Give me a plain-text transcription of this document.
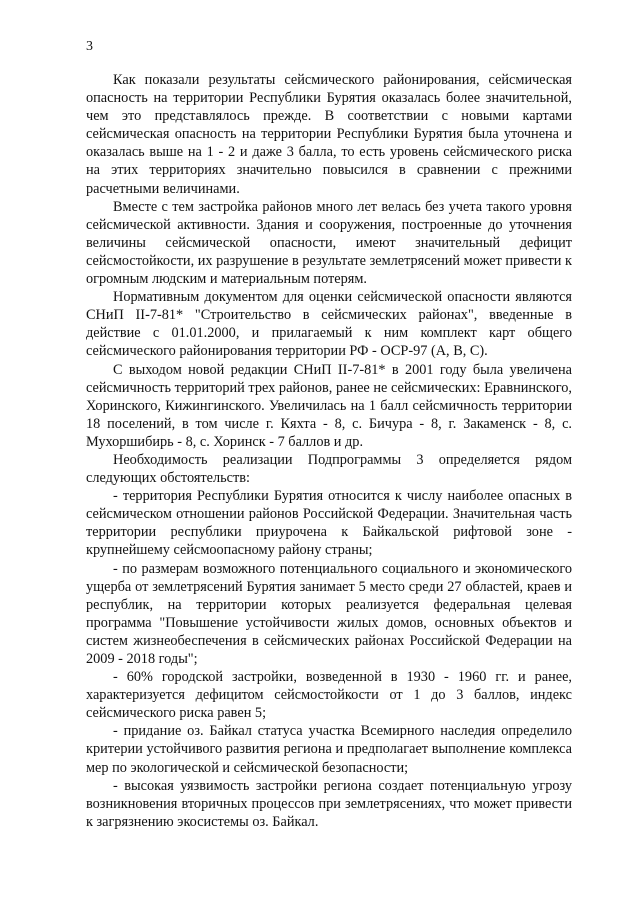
3

Как показали результаты сейсмического районирования, сейсмическая опасность на территории Республики Бурятия оказалась более значительной, чем это представлялось прежде. В соответствии с новыми картами сейсмическая опасность на территории Республики Бурятия была уточнена и оказалась выше на 1 - 2 и даже 3 балла, то есть уровень сейсмического риска на этих территориях значительно повысился в сравнении с прежними расчетными величинами.

Вместе с тем застройка районов много лет велась без учета такого уровня сейсмической активности. Здания и сооружения, построенные до уточнения величины сейсмической опасности, имеют значительный дефицит сейсмостойкости, их разрушение в результате землетрясений может привести к огромным людским и материальным потерям.

Нормативным документом для оценки сейсмической опасности являются СНиП II-7-81* "Строительство в сейсмических районах", введенные в действие с 01.01.2000, и прилагаемый к ним комплект карт общего сейсмического районирования территории РФ - ОСР-97 (А, В, С).

С выходом новой редакции СНиП II-7-81* в 2001 году была увеличена сейсмичность территорий трех районов, ранее не сейсмических: Еравнинского, Хоринского, Кижингинского. Увеличилась на 1 балл сейсмичность территории 18 поселений, в том числе г. Кяхта - 8, с. Бичура - 8, г. Закаменск - 8, с. Мухоршибирь - 8, с. Хоринск - 7 баллов и др.

Необходимость реализации Подпрограммы 3 определяется рядом следующих обстоятельств:

- территория Республики Бурятия относится к числу наиболее опасных в сейсмическом отношении районов Российской Федерации. Значительная часть территории республики приурочена к Байкальской рифтовой зоне - крупнейшему сейсмоопасному району страны;

- по размерам возможного потенциального социального и экономического ущерба от землетрясений Бурятия занимает 5 место среди 27 областей, краев и республик, на территории которых реализуется федеральная целевая программа "Повышение устойчивости жилых домов, основных объектов и систем жизнеобеспечения в сейсмических районах Российской Федерации на 2009 - 2018 годы";

- 60% городской застройки, возведенной в 1930 - 1960 гг. и ранее, характеризуется дефицитом сейсмостойкости от 1 до 3 баллов, индекс сейсмического риска равен 5;

- придание оз. Байкал статуса участка Всемирного наследия определило критерии устойчивого развития региона и предполагает выполнение комплекса мер по экологической и сейсмической безопасности;

- высокая уязвимость застройки региона создает потенциальную угрозу возникновения вторичных процессов при землетрясениях, что может привести к загрязнению экосистемы оз. Байкал.
